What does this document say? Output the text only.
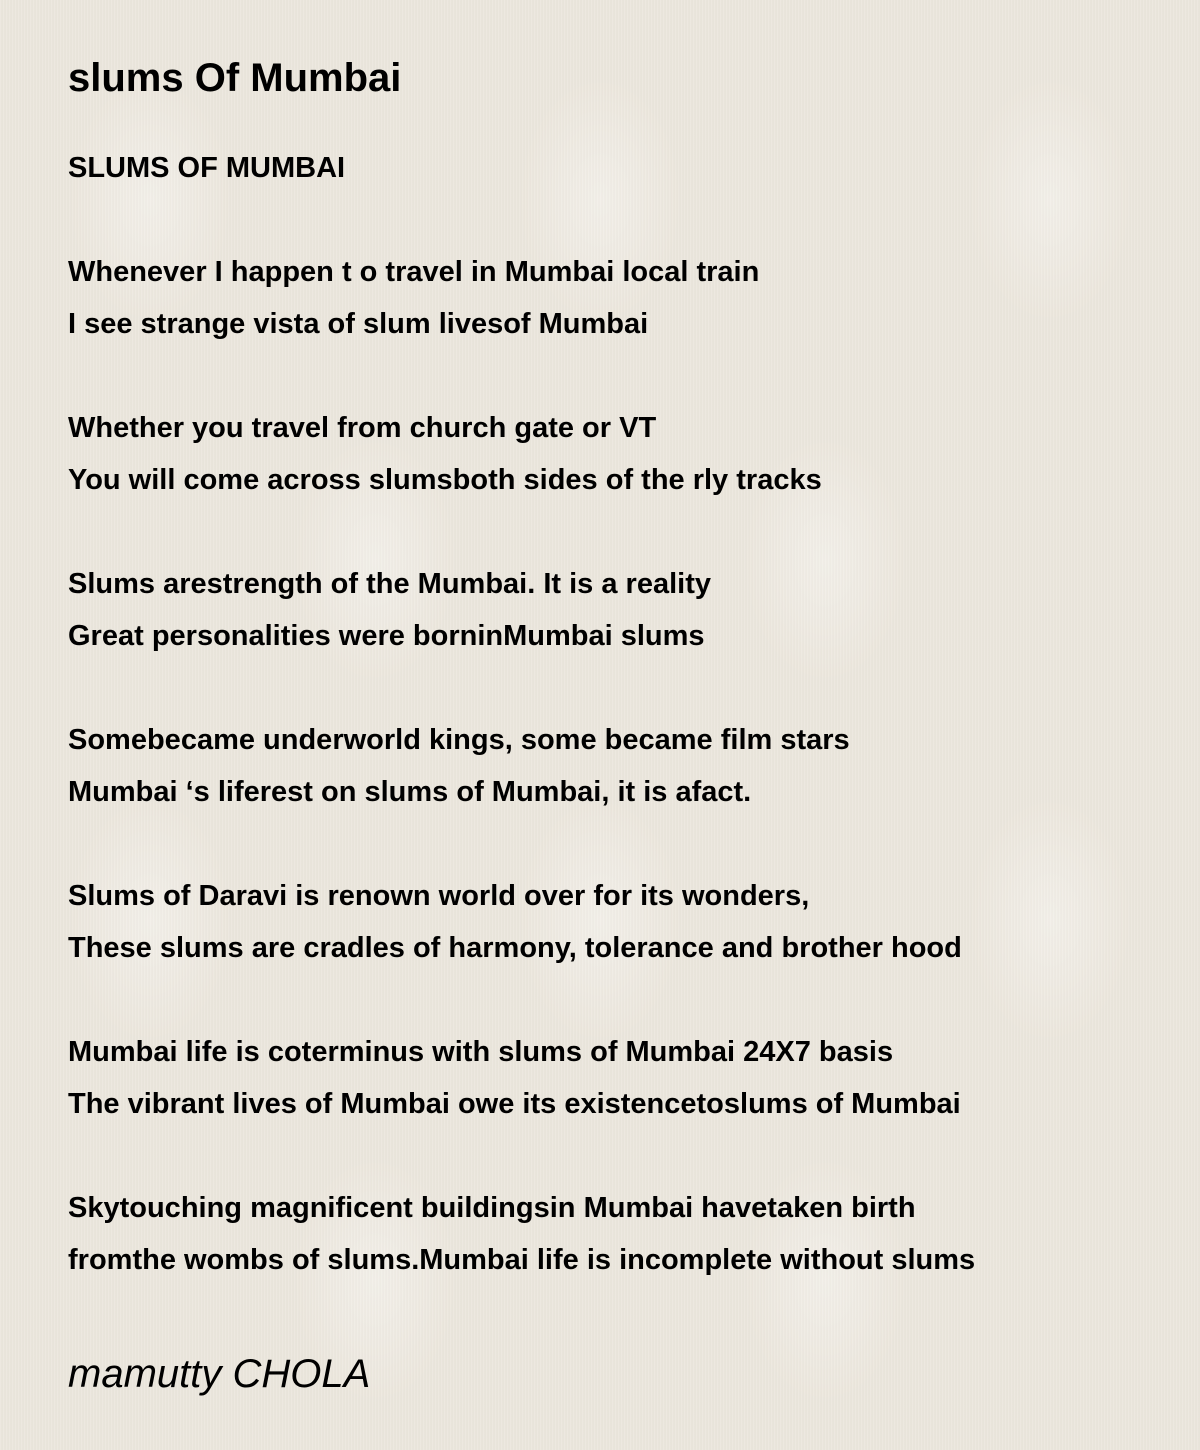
slums Of Mumbai
SLUMS OF MUMBAI
Whenever I happen t o travel in Mumbai local train
I see strange vista of slum livesof Mumbai
Whether you travel from church gate or VT
You will come across slumsboth sides of the rly tracks
Slums arestrength of the Mumbai. It is a reality
Great personalities were borninMumbai slums
Somebecame underworld kings, some became film stars
Mumbai ‘s liferest on slums of Mumbai, it is afact.
Slums of Daravi is renown world over for its wonders,
These slums are cradles of harmony, tolerance and brother hood
Mumbai life is coterminus with slums of Mumbai 24X7 basis
The vibrant lives of Mumbai owe its existencetoslums of Mumbai
Skytouching magnificent buildingsin Mumbai havetaken birth
fromthe wombs of slums.Mumbai life is incomplete without slums
mamutty CHOLA
